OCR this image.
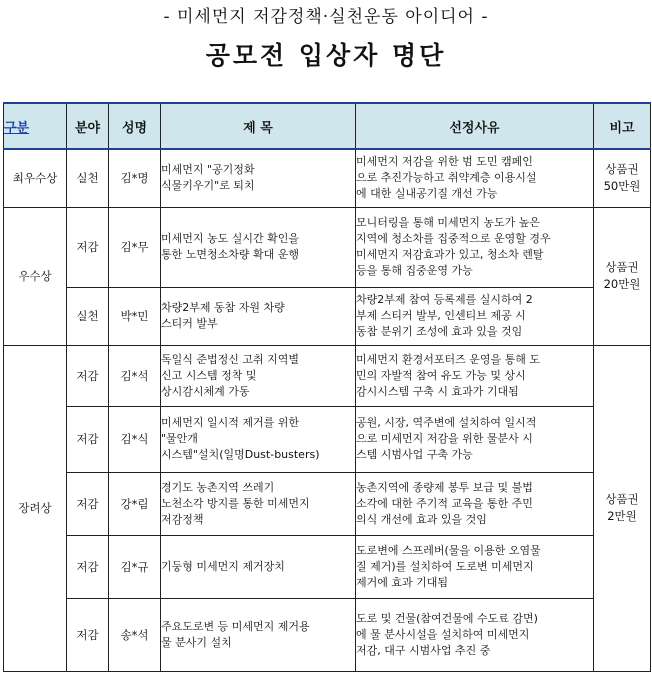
- 미세먼지 저감정책·실천운동 아이디어 -
공모전 입상자 명단
구분	분야	성명	제 목	선정사유	비고
최우수상	실천	김*명	미세먼지 "공기정화
식물키우기"로 퇴치	미세먼지 저감을 위한 범 도민 캠페인
으로 추진가능하고 취약계층 이용시설
에 대한 실내공기질 개선 가능	상품권
50만원

우수상	저감	김*무	미세먼지 농도 실시간 확인을
통한 노면청소차량 확대 운행	모니터링을 통해 미세먼지 농도가 높은
지역에 청소차를 집중적으로 운영할 경우
미세먼지 저감효과가 있고, 청소차 렌탈
등을 통해 집중운영 가능	상품권
20만원

	실천	박*민	차량2부제 동참 자원 차량
스티커 발부	차량2부제 참여 등록제를 실시하여 2
부제 스티커 발부, 인센티브 제공 시
동참 분위기 조성에 효과 있을 것임	

장려상	저감	김*석	독일식 준법정신 고취 지역별
신고 시스템 정착 및
상시감시체계 가동	미세먼지 환경서포터즈 운영을 통해 도
민의 자발적 참여 유도 가능 및 상시
감시시스템 구축 시 효과가 기대됨	상품권
2만원

	저감	김*식	미세먼지 일시적 제거를 위한
"물안개
시스템"설치(일명Dust-busters)	공원, 시장, 역주변에 설치하여 일시적
으로 미세먼지 저감을 위한 물분사 시
스템 시범사업 구축 가능	

	저감	강*림	경기도 농촌지역 쓰레기
노천소각 방지를 통한 미세먼지
저감정책	농촌지역에 종량제 봉투 보급 및 불법
소각에 대한 주기적 교육을 통한 주민
의식 개선에 효과 있을 것임	

	저감	김*규	기둥형 미세먼지 제거장치	도로변에 스프레버(물을 이용한 오염물
질 제거)를 설치하여 도로변 미세먼지
제거에 효과 기대됨	

	저감	송*석	주요도로변 등 미세먼지 제거용
물 분사기 설치	도로 및 건물(참여건물에 수도료 감면)
에 물 분사시설을 설치하여 미세먼지
저감, 대구 시범사업 추진 중	
